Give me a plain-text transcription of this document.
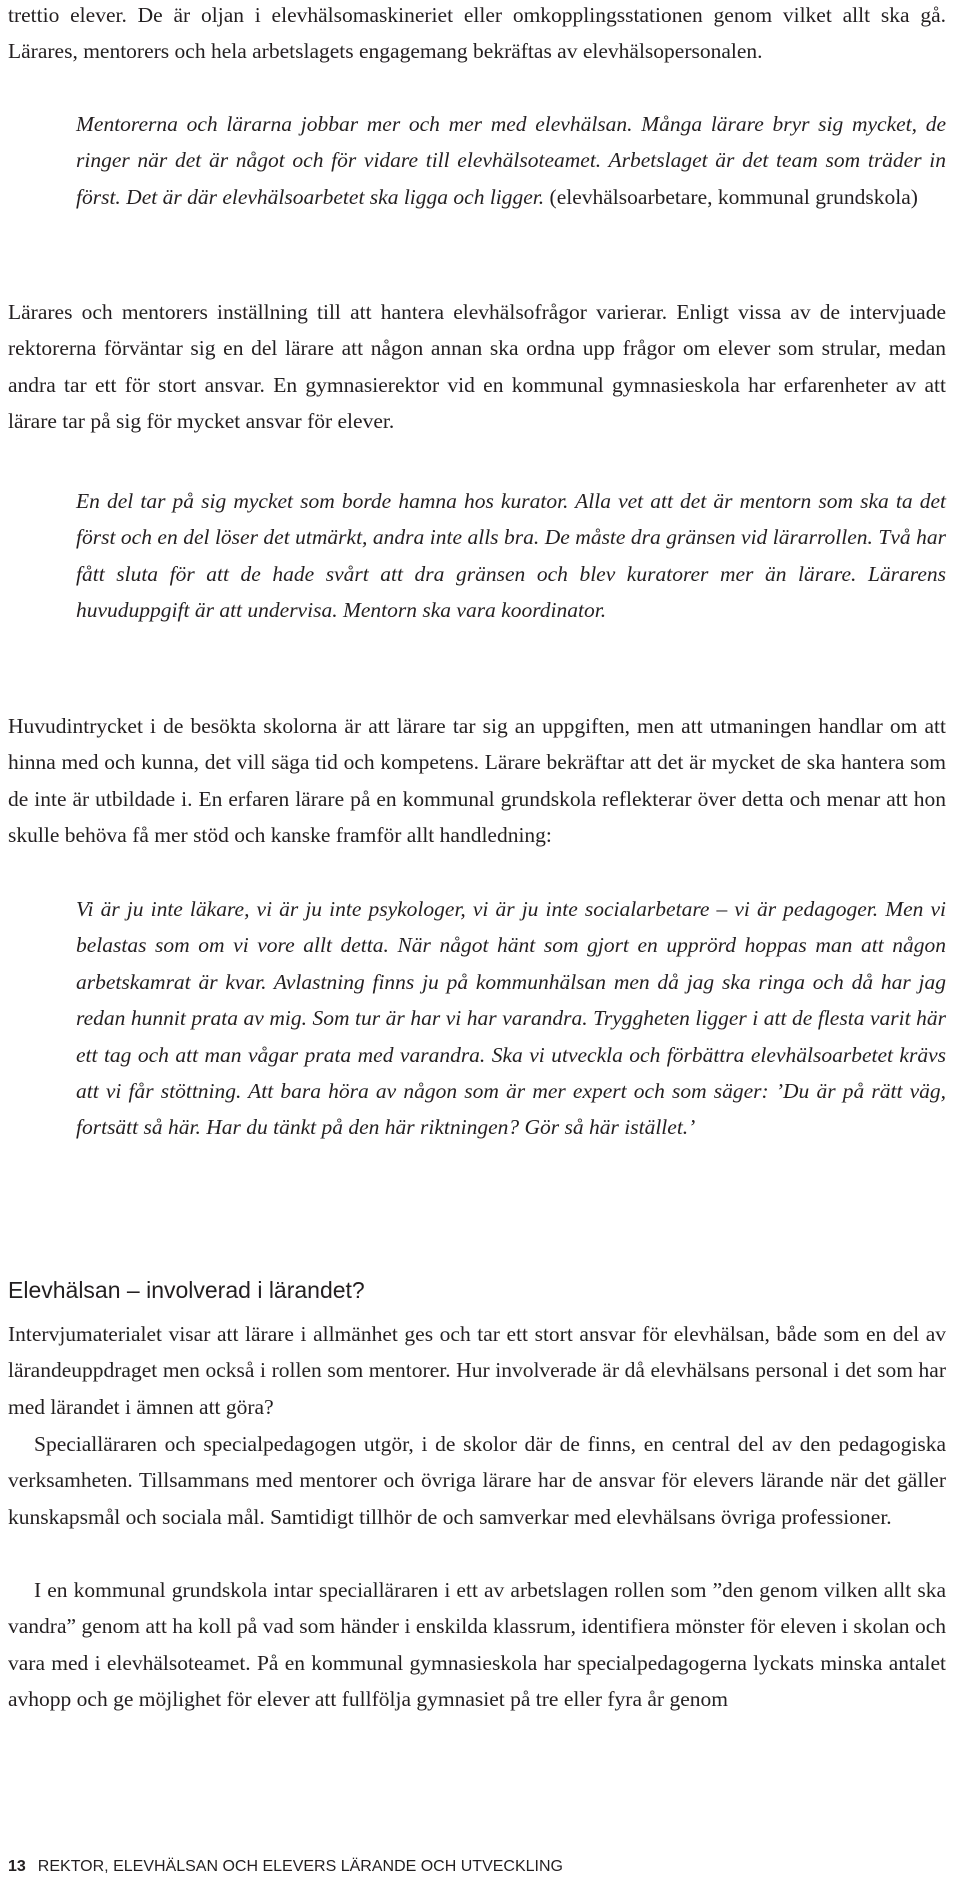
trettio elever. De är oljan i elevhälsomaskineriet eller omkopplingsstationen genom vilket allt ska gå. Lärares, mentorers och hela arbetslagets engagemang bekräftas av elevhälsopersonalen.

Mentorerna och lärarna jobbar mer och mer med elevhälsan. Många lärare bryr sig mycket, de ringer när det är något och för vidare till elevhälsoteamet. Arbetslaget är det team som träder in först. Det är där elevhälsoarbetet ska ligga och ligger. (elevhälsoarbetare, kommunal grundskola)

Lärares och mentorers inställning till att hantera elevhälsofrågor varierar. Enligt vissa av de intervjuade rektorerna förväntar sig en del lärare att någon annan ska ordna upp frågor om elever som strular, medan andra tar ett för stort ansvar. En gymnasierektor vid en kommunal gymnasieskola har erfarenheter av att lärare tar på sig för mycket ansvar för elever.

En del tar på sig mycket som borde hamna hos kurator. Alla vet att det är mentorn som ska ta det först och en del löser det utmärkt, andra inte alls bra. De måste dra gränsen vid lärarrollen. Två har fått sluta för att de hade svårt att dra gränsen och blev kuratorer mer än lärare. Lärarens huvuduppgift är att undervisa. Mentorn ska vara koordinator.

Huvudintrycket i de besökta skolorna är att lärare tar sig an uppgiften, men att utmaningen handlar om att hinna med och kunna, det vill säga tid och kompetens. Lärare bekräftar att det är mycket de ska hantera som de inte är utbildade i. En erfaren lärare på en kommunal grundskola reflekterar över detta och menar att hon skulle behöva få mer stöd och kanske framför allt handledning:

Vi är ju inte läkare, vi är ju inte psykologer, vi är ju inte socialarbetare – vi är pedagoger. Men vi belastas som om vi vore allt detta. När något hänt som gjort en upprörd hoppas man att någon arbetskamrat är kvar. Avlastning finns ju på kommunhälsan men då jag ska ringa och då har jag redan hunnit prata av mig. Som tur är har vi har varandra. Tryggheten ligger i att de flesta varit här ett tag och att man vågar prata med varandra. Ska vi utveckla och förbättra elevhälsoarbetet krävs att vi får stöttning. Att bara höra av någon som är mer expert och som säger: ’Du är på rätt väg, fortsätt så här. Har du tänkt på den här riktningen? Gör så här istället.’

Elevhälsan – involverad i lärandet?

Intervjumaterialet visar att lärare i allmänhet ges och tar ett stort ansvar för elevhälsan, både som en del av lärandeuppdraget men också i rollen som mentorer. Hur involverade är då elevhälsans personal i det som har med lärandet i ämnen att göra?

Specialläraren och specialpedagogen utgör, i de skolor där de finns, en central del av den pedagogiska verksamheten. Tillsammans med mentorer och övriga lärare har de ansvar för elevers lärande när det gäller kunskapsmål och sociala mål. Samtidigt tillhör de och samverkar med elevhälsans övriga professioner.

I en kommunal grundskola intar specialläraren i ett av arbetslagen rollen som ”den genom vilken allt ska vandra” genom att ha koll på vad som händer i enskilda klassrum, identifiera mönster för eleven i skolan och vara med i elevhälsoteamet. På en kommunal gymnasieskola har specialpedagogerna lyckats minska antalet avhopp och ge möjlighet för elever att fullfölja gymnasiet på tre eller fyra år genom

13 REKTOR, ELEVHÄLSAN OCH ELEVERS LÄRANDE OCH UTVECKLING
